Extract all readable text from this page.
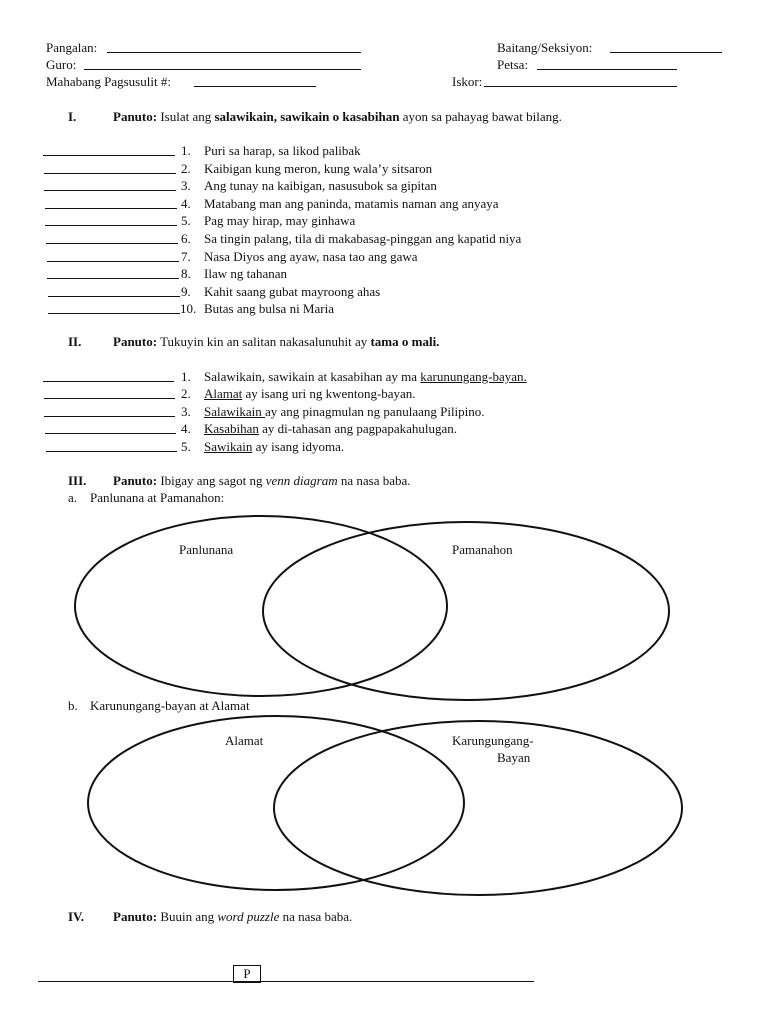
Pangalan:	Baitang/Seksiyon:
Guro:	Petsa:
Mahabang Pagsusulit #:	Iskor:
I.	Panuto: Isulat ang salawikain, sawikain o kasabihan ayon sa pahayag bawat bilang.
1. Puri sa harap, sa likod palibak
2. Kaibigan kung meron, kung wala’y sitsaron
3. Ang tunay na kaibigan, nasusubok sa gipitan
4. Matabang man ang paninda, matamis naman ang anyaya
5. Pag may hirap, may ginhawa
6. Sa tingin palang, tila di makabasag-pinggan ang kapatid niya
7. Nasa Diyos ang ayaw, nasa tao ang gawa
8. Ilaw ng tahanan
9. Kahit saang gubat mayroong ahas
10. Butas ang bulsa ni Maria
II. Panuto: Tukuyin kin an salitan nakasalunuhit ay tama o mali.
1. Salawikain, sawikain at kasabihan ay ma karunungang-bayan.
2. Alamat ay isang uri ng kwentong-bayan.
3. Salawikain ay ang pinagmulan ng panulaang Pilipino.
4. Kasabihan ay di-tahasan ang pagpapakahulugan.
5. Sawikain ay isang idyoma.
III. Panuto: Ibigay ang sagot ng venn diagram na nasa baba.
a. Panlunana at Pamanahon:
Panlunana	Pamanahon
b. Karunungang-bayan at Alamat
Alamat	Karungungang-
Bayan
IV. Panuto: Buuin ang word puzzle na nasa baba.
P
